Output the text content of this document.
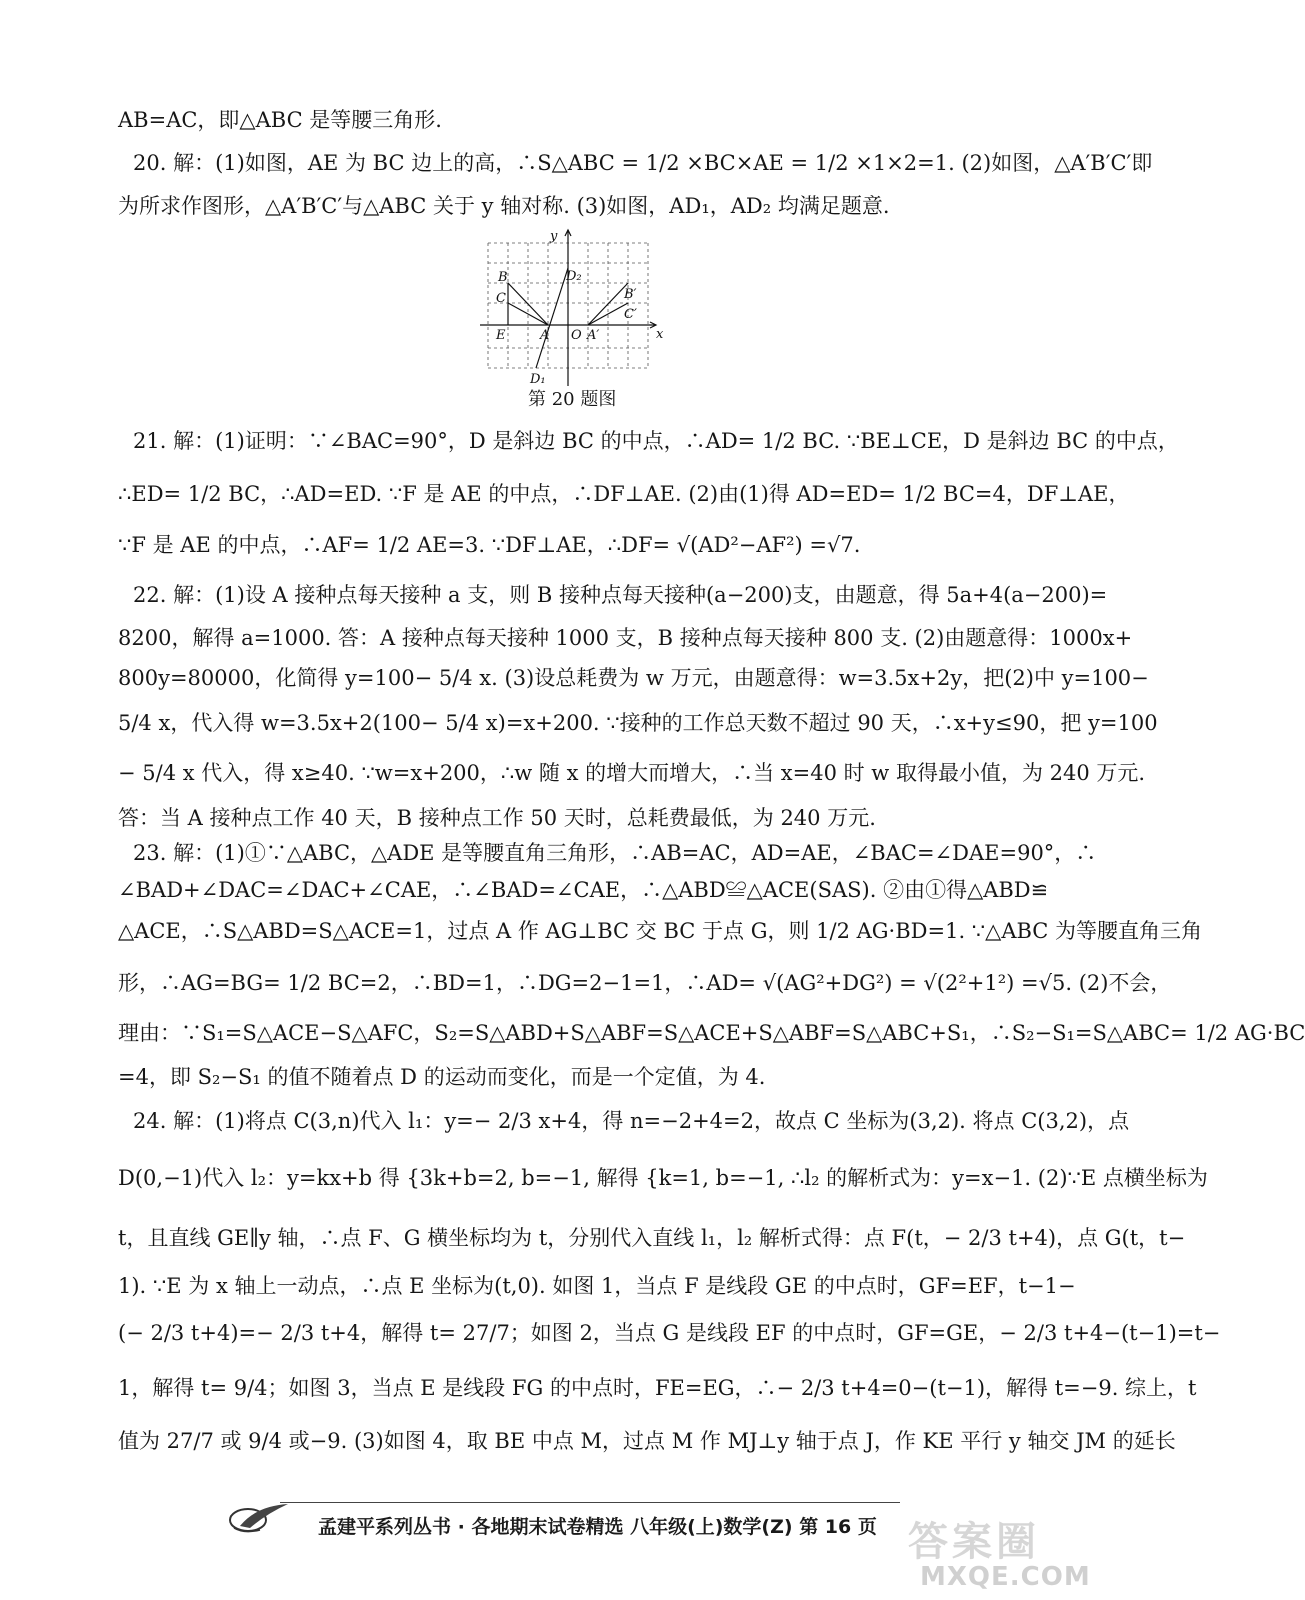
AB=AC，即△ABC 是等腰三角形.
20. 解：(1)如图，AE 为 BC 边上的高，∴S△ABC = 1/2 ×BC×AE = 1/2 ×1×2=1. (2)如图，△A′B′C′即
为所求作图形，△A′B′C′与△ABC 关于 y 轴对称. (3)如图，AD₁，AD₂ 均满足题意.
y
x
O
B
C
E	A
D₁
D₂
B′
C′
A′
第 20 题图
21. 解：(1)证明：∵∠BAC=90°，D 是斜边 BC 的中点，∴AD= 1/2 BC. ∵BE⊥CE，D 是斜边 BC 的中点，
∴ED= 1/2 BC，∴AD=ED. ∵F 是 AE 的中点，∴DF⊥AE. (2)由(1)得 AD=ED= 1/2 BC=4，DF⊥AE，
∵F 是 AE 的中点，∴AF= 1/2 AE=3. ∵DF⊥AE，∴DF= √(AD²−AF²) =√7.
22. 解：(1)设 A 接种点每天接种 a 支，则 B 接种点每天接种(a−200)支，由题意，得 5a+4(a−200)=
8200，解得 a=1000. 答：A 接种点每天接种 1000 支，B 接种点每天接种 800 支. (2)由题意得：1000x+
800y=80000，化简得 y=100− 5/4 x. (3)设总耗费为 w 万元，由题意得：w=3.5x+2y，把(2)中 y=100−
5/4 x，代入得 w=3.5x+2(100− 5/4 x)=x+200. ∵接种的工作总天数不超过 90 天，∴x+y≤90，把 y=100
− 5/4 x 代入，得 x≥40. ∵w=x+200，∴w 随 x 的增大而增大，∴当 x=40 时 w 取得最小值，为 240 万元.
答：当 A 接种点工作 40 天，B 接种点工作 50 天时，总耗费最低，为 240 万元.
23. 解：(1)①∵△ABC，△ADE 是等腰直角三角形，∴AB=AC，AD=AE，∠BAC=∠DAE=90°，∴
∠BAD+∠DAC=∠DAC+∠CAE，∴∠BAD=∠CAE，∴△ABD≌△ACE(SAS). ②由①得△ABD≌
△ACE，∴S△ABD=S△ACE=1，过点 A 作 AG⊥BC 交 BC 于点 G，则 1/2 AG·BD=1. ∵△ABC 为等腰直角三角
形，∴AG=BG= 1/2 BC=2，∴BD=1，∴DG=2−1=1，∴AD= √(AG²+DG²) = √(2²+1²) =√5. (2)不会，
理由：∵S₁=S△ACE−S△AFC，S₂=S△ABD+S△ABF=S△ACE+S△ABF=S△ABC+S₁，∴S₂−S₁=S△ABC= 1/2 AG·BC
=4，即 S₂−S₁ 的值不随着点 D 的运动而变化，而是一个定值，为 4.
24. 解：(1)将点 C(3,n)代入 l₁：y=− 2/3 x+4，得 n=−2+4=2，故点 C 坐标为(3,2). 将点 C(3,2)，点
D(0,−1)代入 l₂：y=kx+b 得 {3k+b=2, b=−1, 解得 {k=1, b=−1, ∴l₂ 的解析式为：y=x−1. (2)∵E 点横坐标为
t，且直线 GE∥y 轴，∴点 F、G 横坐标均为 t，分别代入直线 l₁，l₂ 解析式得：点 F(t，− 2/3 t+4)，点 G(t，t−
1). ∵E 为 x 轴上一动点，∴点 E 坐标为(t,0). 如图 1，当点 F 是线段 GE 的中点时，GF=EF，t−1−
(− 2/3 t+4)=− 2/3 t+4，解得 t= 27/7；如图 2，当点 G 是线段 EF 的中点时，GF=GE，− 2/3 t+4−(t−1)=t−
1，解得 t= 9/4；如图 3，当点 E 是线段 FG 的中点时，FE=EG，∴− 2/3 t+4=0−(t−1)，解得 t=−9. 综上，t
值为 27/7 或 9/4 或−9. (3)如图 4，取 BE 中点 M，过点 M 作 MJ⊥y 轴于点 J，作 KE 平行 y 轴交 JM 的延长
孟建平系列丛书 · 各地期末试卷精选 八年级(上)数学(Z) 第 16 页 答案圈
MXQE.COM
